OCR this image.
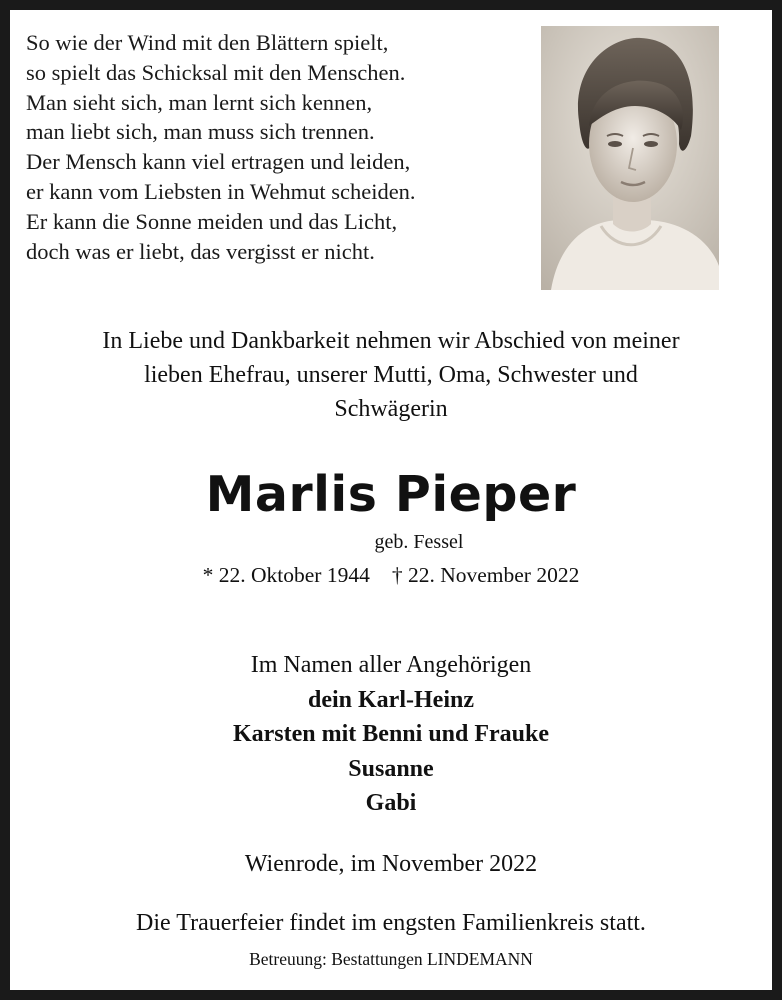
So wie der Wind mit den Blättern spielt,
so spielt das Schicksal mit den Menschen.
Man sieht sich, man lernt sich kennen,
man liebt sich, man muss sich trennen.
Der Mensch kann viel ertragen und leiden,
er kann vom Liebsten in Wehmut scheiden.
Er kann die Sonne meiden und das Licht,
doch was er liebt, das vergisst er nicht.
In Liebe und Dankbarkeit nehmen wir Abschied von meiner
lieben Ehefrau, unserer Mutti, Oma, Schwester und
Schwägerin
Marlis Pieper
geb. Fessel
* 22. Oktober 1944 † 22. November 2022
Im Namen aller Angehörigen
dein Karl-Heinz
Karsten mit Benni und Frauke
Susanne
Gabi
Wienrode, im November 2022
Die Trauerfeier findet im engsten Familienkreis statt.
Betreuung: Bestattungen LINDEMANN
